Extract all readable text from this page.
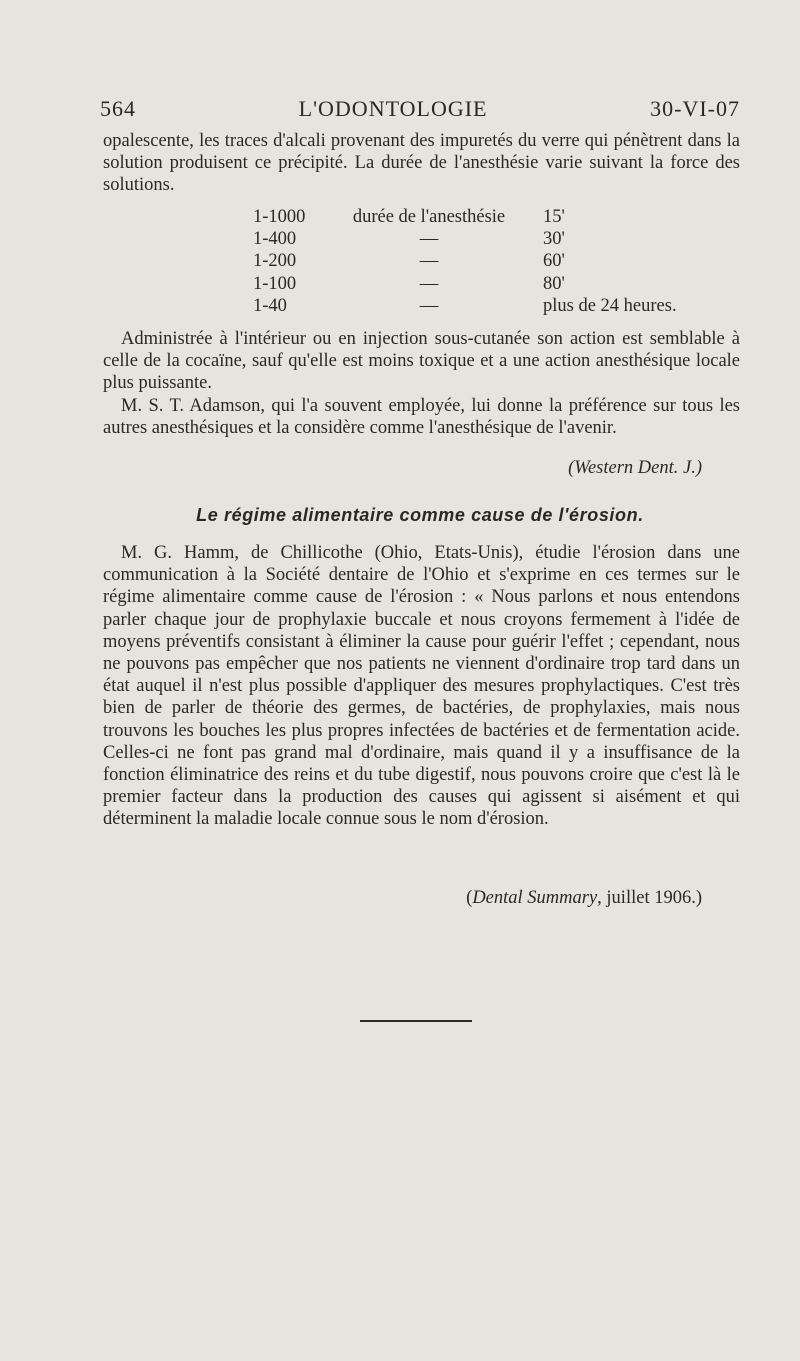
564	L'ODONTOLOGIE	30-VI-07

opalescente, les traces d'alcali provenant des impuretés du verre qui pénètrent dans la solution produisent ce précipité. La durée de l'anesthésie varie suivant la force des solutions.

1-1000	durée de l'anesthésie	15'
1-400	—	30'
1-200	—	60'
1-100	—	80'
1-40	—	plus de 24 heures.

Administrée à l'intérieur ou en injection sous-cutanée son action est semblable à celle de la cocaïne, sauf qu'elle est moins toxique et a une action anesthésique locale plus puissante.

M. S. T. Adamson, qui l'a souvent employée, lui donne la préférence sur tous les autres anesthésiques et la considère comme l'anesthésique de l'avenir.

(Western Dent. J.)
Le régime alimentaire comme cause de l'érosion.

M. G. Hamm, de Chillicothe (Ohio, Etats-Unis), étudie l'érosion dans une communication à la Société dentaire de l'Ohio et s'exprime en ces termes sur le régime alimentaire comme cause de l'érosion : « Nous parlons et nous entendons parler chaque jour de prophylaxie buccale et nous croyons fermement à l'idée de moyens préventifs consistant à éliminer la cause pour guérir l'effet ; cependant, nous ne pouvons pas empêcher que nos patients ne viennent d'ordinaire trop tard dans un état auquel il n'est plus possible d'appliquer des mesures prophylactiques. C'est très bien de parler de théorie des germes, de bactéries, de prophylaxies, mais nous trouvons les bouches les plus propres infectées de bactéries et de fermentation acide. Celles-ci ne font pas grand mal d'ordinaire, mais quand il y a insuffisance de la fonction éliminatrice des reins et du tube digestif, nous pouvons croire que c'est là le premier facteur dans la production des causes qui agissent si aisément et qui déterminent la maladie locale connue sous le nom d'érosion.

(Dental Summary, juillet 1906.)
